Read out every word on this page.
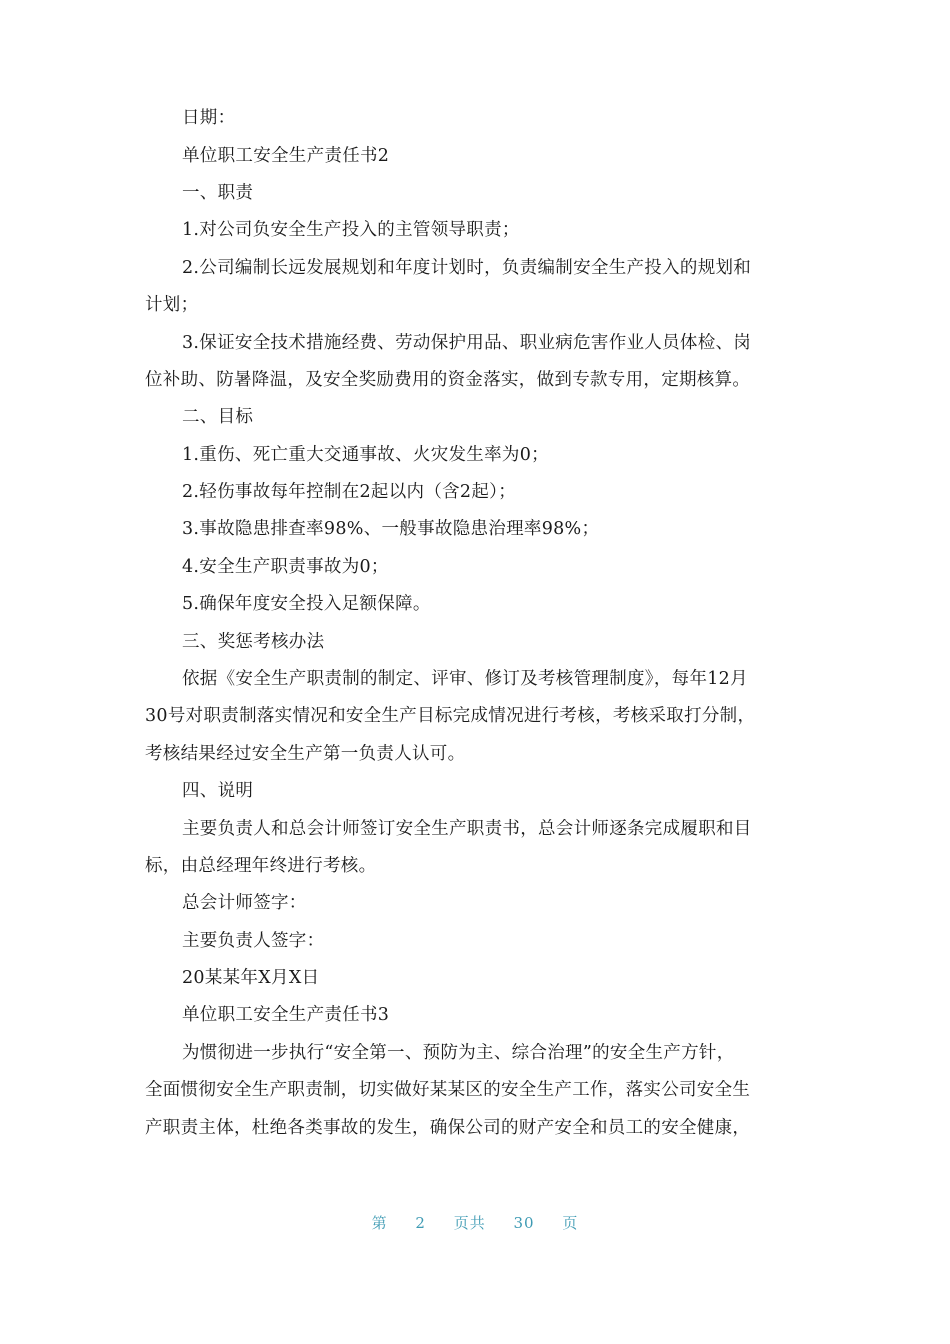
日期：
单位职工安全生产责任书2
一、职责
1.对公司负安全生产投入的主管领导职责；
2.公司编制长远发展规划和年度计划时，负责编制安全生产投入的规划和
计划；
3.保证安全技术措施经费、劳动保护用品、职业病危害作业人员体检、岗
位补助、防暑降温，及安全奖励费用的资金落实，做到专款专用，定期核算。
二、目标
1.重伤、死亡重大交通事故、火灾发生率为0；
2.轻伤事故每年控制在2起以内（含2起）；
3.事故隐患排查率98%、一般事故隐患治理率98%；
4.安全生产职责事故为0；
5.确保年度安全投入足额保障。
三、奖惩考核办法
依据《安全生产职责制的制定、评审、修订及考核管理制度》，每年12月
30号对职责制落实情况和安全生产目标完成情况进行考核，考核采取打分制，
考核结果经过安全生产第一负责人认可。
四、说明
主要负责人和总会计师签订安全生产职责书，总会计师逐条完成履职和目
标，由总经理年终进行考核。
总会计师签字：
主要负责人签字：
20某某年X月X日
单位职工安全生产责任书3
为惯彻进一步执行“安全第一、预防为主、综合治理”的安全生产方针，
全面惯彻安全生产职责制，切实做好某某区的安全生产工作，落实公司安全生
产职责主体，杜绝各类事故的发生，确保公司的财产安全和员工的安全健康，
第 2 页共 30 页
